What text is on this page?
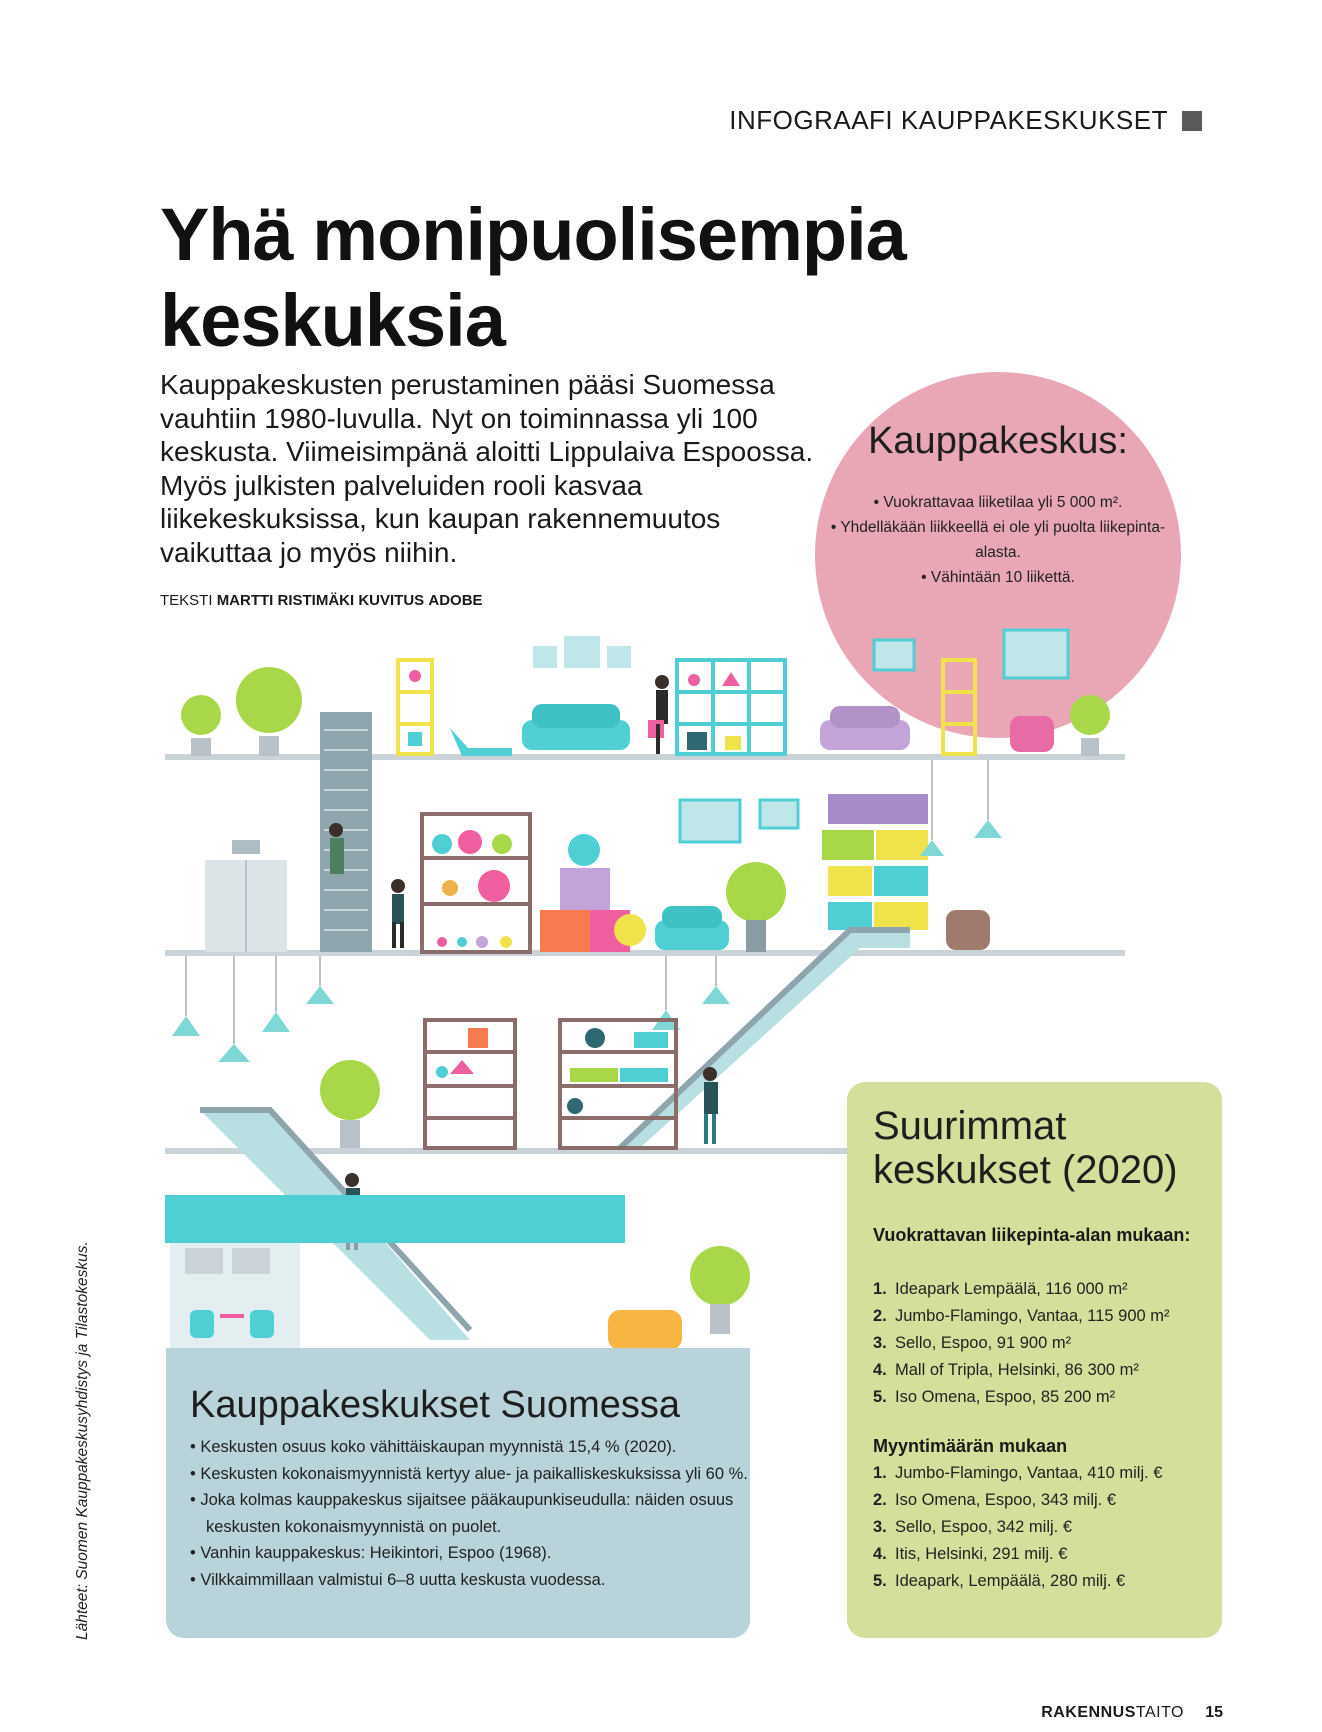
INFOGRAAFI KAUPPAKESKUKSET
Yhä monipuolisempia keskuksia
Kauppakeskusten perustaminen pääsi Suomessa vauhtiin 1980-luvulla. Nyt on toiminnassa yli 100 keskusta. Viimeisimpänä aloitti Lippulaiva Espoossa. Myös julkisten palveluiden rooli kasvaa liikekeskuksissa, kun kaupan rakennemuutos vaikuttaa jo myös niihin.
TEKSTI MARTTI RISTIMÄKI KUVITUS ADOBE
Kauppakeskus:
• Vuokrattavaa liiketilaa yli 5 000 m².
• Yhdelläkään liikkeellä ei ole yli puolta liikepinta-alasta.
• Vähintään 10 liikettä.
Kauppakeskukset Suomessa
• Keskusten osuus koko vähittäiskaupan myynnistä 15,4 % (2020).
• Keskusten kokonaismyynnistä kertyy alue- ja paikalliskeskuksissa yli 60 %.
• Joka kolmas kauppakeskus sijaitsee pääkaupunkiseudulla: näiden osuus keskusten kokonaismyynnistä on puolet.
• Vanhin kauppakeskus: Heikintori, Espoo (1968).
• Vilkkaimmillaan valmistui 6–8 uutta keskusta vuodessa.
Suurimmat keskukset (2020)
Vuokrattavan liikepinta-alan mukaan:
1. Ideapark Lempäälä, 116 000 m²
2. Jumbo-Flamingo, Vantaa, 115 900 m²
3. Sello, Espoo, 91 900 m²
4. Mall of Tripla, Helsinki, 86 300 m²
5. Iso Omena, Espoo, 85 200 m²
Myyntimäärän mukaan
1. Jumbo-Flamingo, Vantaa, 410 milj. €
2. Iso Omena, Espoo, 343 milj. €
3. Sello, Espoo, 342 milj. €
4. Itis, Helsinki, 291 milj. €
5. Ideapark, Lempäälä, 280 milj. €
Lähteet: Suomen Kauppakeskusyhdistys ja Tilastokeskus.
RAKENNUSTAITO 15
